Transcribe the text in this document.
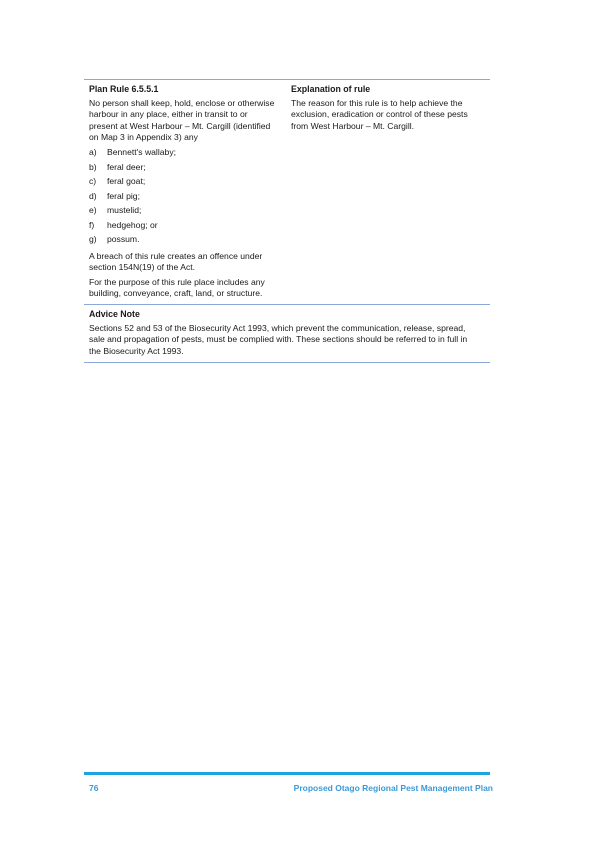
Plan Rule 6.5.5.1

No person shall keep, hold, enclose or otherwise

harbour in any place, either in transit to or

present at West Harbour – Mt. Cargill (identified

on Map 3 in Appendix 3) any

a) Bennett's wallaby;
b) feral deer;
c) feral goat;
d) feral pig;
e) mustelid;
f) hedgehog; or
g) possum.

A breach of this rule creates an offence under

section 154N(19) of the Act.

For the purpose of this rule place includes any

building, conveyance, craft, land, or structure.

Explanation of rule

The reason for this rule is to help achieve the

exclusion, eradication or control of these pests

from West Harbour – Mt. Cargill.

Advice Note

Sections 52 and 53 of the Biosecurity Act 1993, which prevent the communication, release, spread,

sale and propagation of pests, must be complied with. These sections should be referred to in full in

the Biosecurity Act 1993.

76	Proposed Otago Regional Pest Management Plan
